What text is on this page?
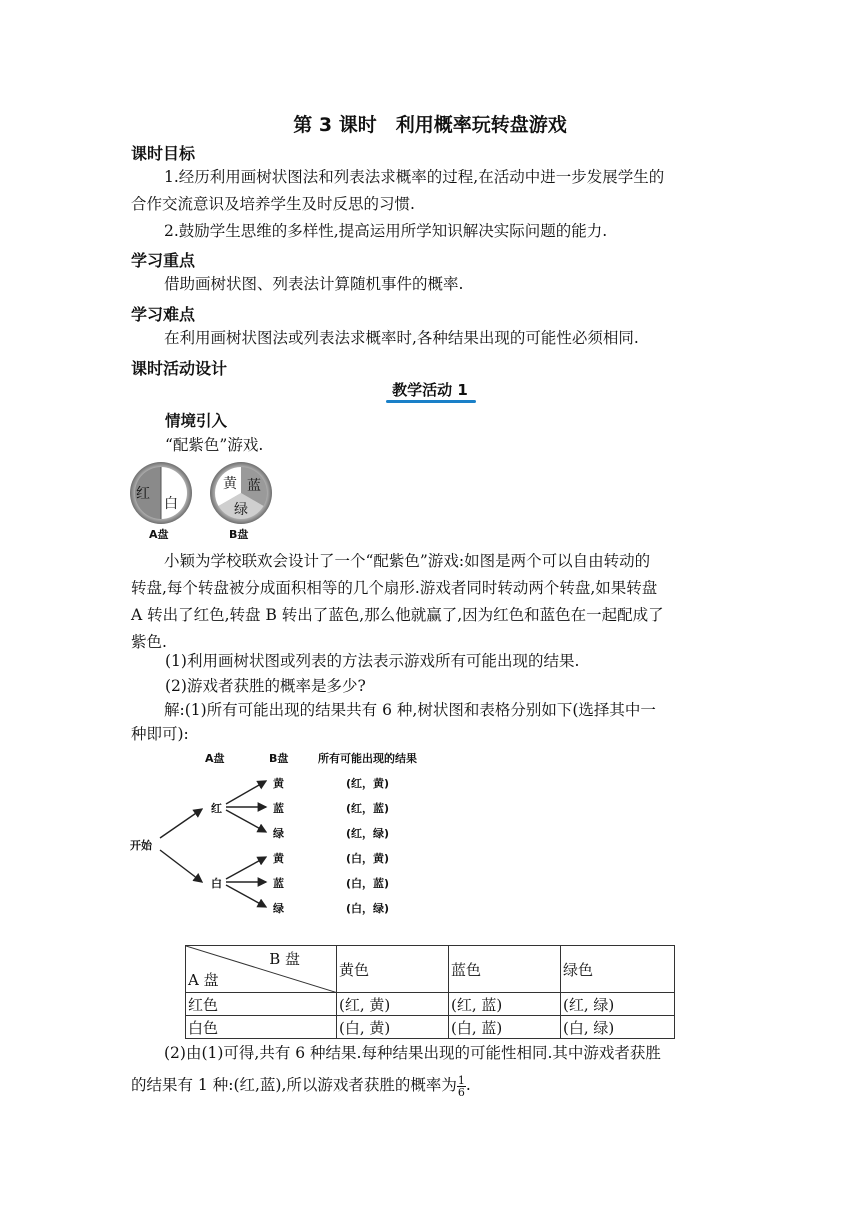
第 3 课时　利用概率玩转盘游戏
课时目标
1.经历利用画树状图法和列表法求概率的过程,在活动中进一步发展学生的
合作交流意识及培养学生及时反思的习惯.
2.鼓励学生思维的多样性,提高运用所学知识解决实际问题的能力.
学习重点
借助画树状图、列表法计算随机事件的概率.
学习难点
在利用画树状图法或列表法求概率时,各种结果出现的可能性必须相同.
课时活动设计
教学活动 1
情境引入
“配紫色”游戏.
红
白
A盘
黄 蓝
绿
B盘
小颖为学校联欢会设计了一个“配紫色”游戏:如图是两个可以自由转动的
转盘,每个转盘被分成面积相等的几个扇形.游戏者同时转动两个转盘,如果转盘
A 转出了红色,转盘 B 转出了蓝色,那么他就赢了,因为红色和蓝色在一起配成了
紫色.
(1)利用画树状图或列表的方法表示游戏所有可能出现的结果.
(2)游戏者获胜的概率是多少?
解:(1)所有可能出现的结果共有 6 种,树状图和表格分别如下(选择其中一
种即可):
A盘	B盘	所有可能出现的结果
开始
红
白
黄
蓝
绿
黄
蓝
绿
(红，黄)
(红，蓝)
(红，绿)
(白，黄)
(白，蓝)
(白，绿)
B 盘
A 盘	黄色	蓝色	绿色
红色	(红, 黄)	(红, 蓝)	(红, 绿)
白色	(白, 黄)	(白, 蓝)	(白, 绿)
(2)由(1)可得,共有 6 种结果.每种结果出现的可能性相同.其中游戏者获胜
的结果有 1 种:(红,蓝),所以游戏者获胜的概率为 $\frac{1}{6}$ .
